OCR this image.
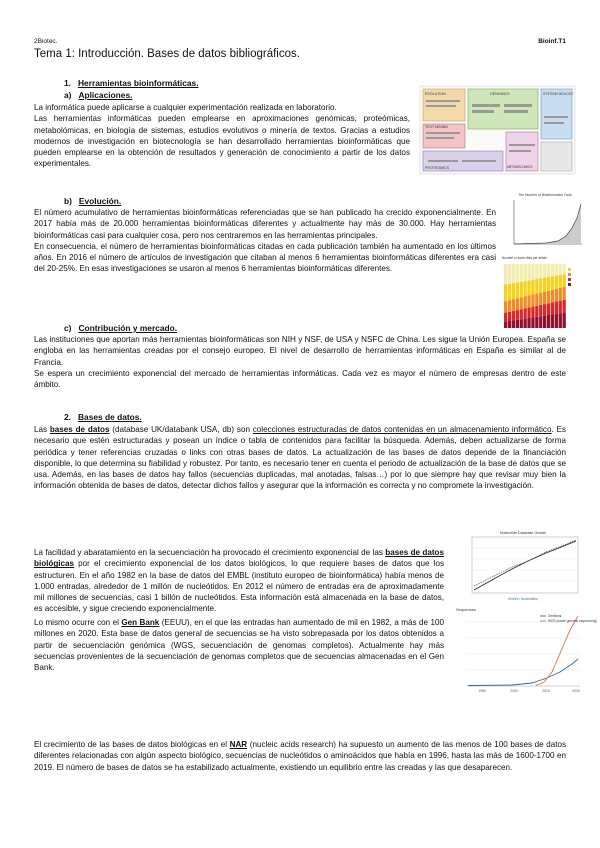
2Biotec.	Bioinf.T1
Tema 1: Introducción. Bases de datos bibliográficos.
1. Herramientas bioinformáticas.
a) Aplicaciones.

La informática puede aplicarse a cualquier experimentación realizada en laboratorio.

Las herramientas informáticas pueden emplearse en aproximaciones genómicas, proteómicas, metabolómicas, en biología de sistemas, estudios evolutivos o minería de textos. Gracias a estudios modernos de investigación en biotecnología se han desarrollado herramientas bioinformáticas que pueden emplearse en la obtención de resultados y generación de conocimiento a partir de los datos experimentales.

EVOLUTION	GENOMICS	SYSTEMS BIOLOGY
TEXT MINING
PROTEOMICS	METABOLOMICS
b) Evolución.

El número acumulativo de herramientas bioinformáticas referenciadas que se han publicado ha crecido exponencialmente. En 2017 había más de 20.000 herramientas bioinformáticas diferentes y actualmente hay más de 30.000. Hay herramientas bioinformáticas casi para cualquier cosa, pero nos centraremos en las herramientas principales.

En consecuencia, el número de herramientas bioinformáticas citadas en cada publicación también ha aumentado en los últimos años. En 2016 el número de artículos de investigación que citaban al menos 6 herramientas bioinformáticas diferentes era casi del 20-25%. En esas investigaciones se usaron al menos 6 herramientas bioinformáticas diferentes.

The Number of Bioinformatics Tools
Number of tools cited per article
c) Contribución y mercado.

Las instituciones que aportan más herramientas bioinformáticas son NIH y NSF, de USA y NSFC de China. Les sigue la Unión Europea. España se engloba en las herramientas creadas por el consejo europeo. El nivel de desarrollo de herramientas informáticas en España es similar al de Francia.

Se espera un crecimiento exponencial del mercado de herramientas informáticas. Cada vez es mayor el número de empresas dentro de este ámbito.

2. Bases de datos.

Las bases de datos (database UK/databank USA, db) son colecciones estructuradas de datos contenidas en un almacenamiento informático. Es necesario que estén estructuradas y posean un índice o tabla de contenidos para facilitar la búsqueda. Además, deben actualizarse de forma periódica y tener referencias cruzadas o links con otras bases de datos. La actualización de las bases de datos depende de la financiación disponible, lo que determina su fiabilidad y robustez. Por tanto, es necesario tener en cuenta el periodo de actualización de la base de datos que se usa. Además, en las bases de datos hay fallos (secuencias duplicadas, mal anotadas, falsas…) por lo que siempre hay que revisar muy bien la información obtenida de bases de datos, detectar dichos fallos y asegurar que la información es correcta y no compromete la investigación.

La facilidad y abaratamiento en la secuenciación ha provocado el crecimiento exponencial de las bases de datos biológicas por el crecimiento exponencial de los datos biológicos, lo que requiere bases de datos que los estructuren. En el año 1982 en la base de datos del EMBL (instituto europeo de bioinformática) había menos de 1.000 entradas, alrededor de 1 millón de nucleótidos. En 2012 el número de entradas era de aproximadamente mil millones de secuencias, casi 1 billón de nucleótidos. Esta información está almacenada en la base de datos, es accesible, y sigue creciendo exponencialmente.

Nucleotide Database Growth
Entries / Nucleotides

Lo mismo ocurre con el Gen Bank (EEUU), en el que las entradas han aumentado de mil en 1982, a más de 100 millones en 2020. Esta base de datos general de secuencias se ha visto sobrepasada por los datos obtenidos a partir de secuenciación genómica (WGS, secuenciación de genomas completos). Actualmente hay más secuencias provenientes de la secuenciación de genomas completos que de secuencias almacenadas en el Gen Bank.

Sequences
GenBank
WGS (whole genome sequencing)
1990	2000	2010	2020

El crecimiento de las bases de datos biológicas en el NAR (nucleic acids research) ha supuesto un aumento de las menos de 100 bases de datos diferentes relacionadas con algún aspecto biológico, secuencias de nucleótidos o aminoácidos que había en 1996, hasta las más de 1600-1700 en 2019. El número de bases de datos se ha estabilizado actualmente, existiendo un equilibrio entre las creadas y las que desaparecen.
